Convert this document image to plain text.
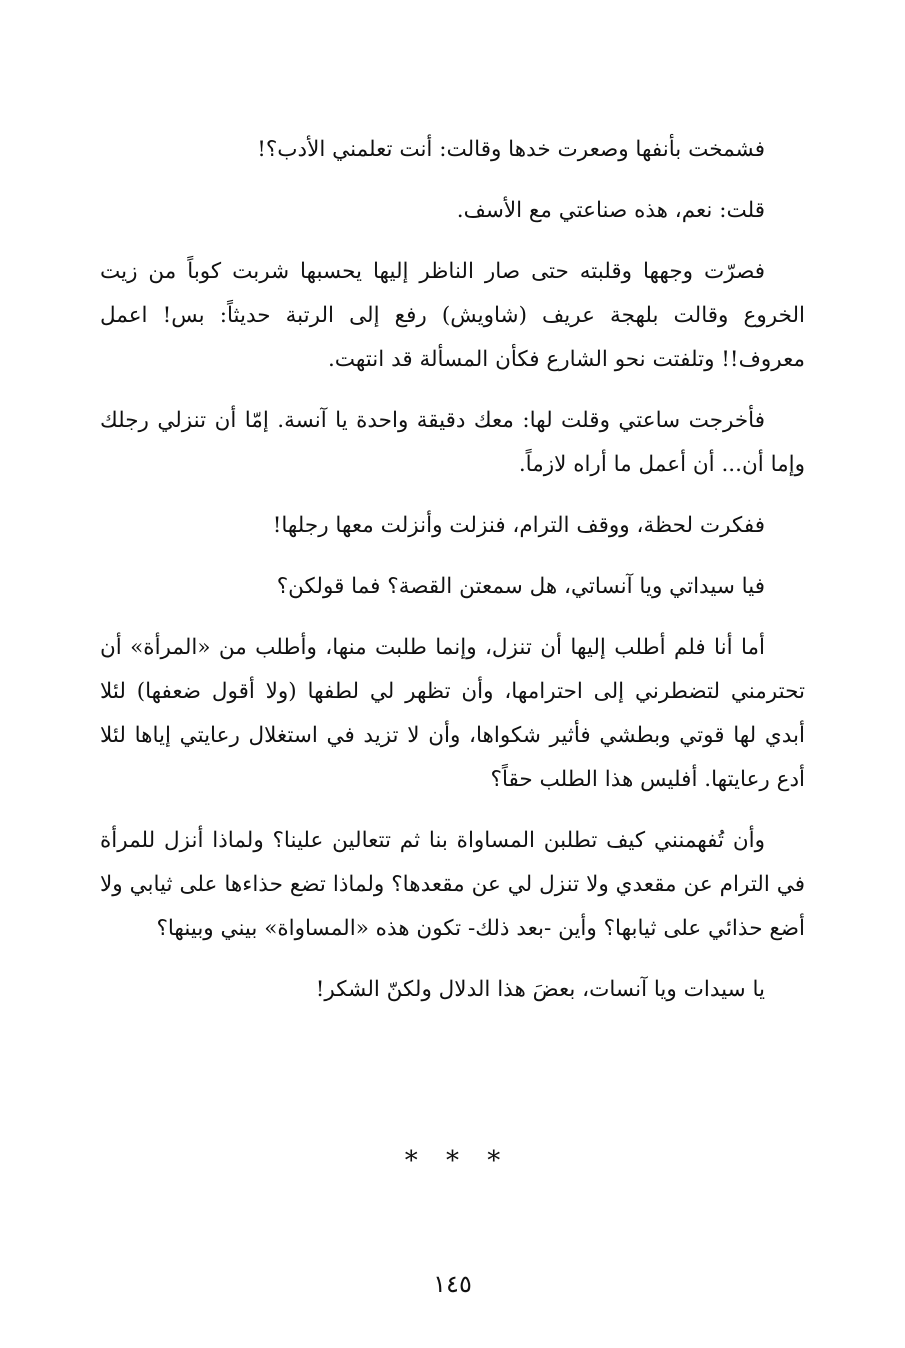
فشمخت بأنفها وصعرت خدها وقالت: أنت تعلمني الأدب؟!

قلت: نعم، هذه صناعتي مع الأسف.

فصرّت وجهها وقلبته حتى صار الناظر إليها يحسبها شربت كوباً من زيت الخروع وقالت بلهجة عريف (شاويش) رفع إلى الرتبة حديثاً: بس! اعمل معروف!! وتلفتت نحو الشارع فكأن المسألة قد انتهت.

فأخرجت ساعتي وقلت لها: معك دقيقة واحدة يا آنسة. إمّا أن تنزلي رجلك وإما أن... أن أعمل ما أراه لازماً.

ففكرت لحظة، ووقف الترام، فنزلت وأنزلت معها رجلها!

فيا سيداتي ويا آنساتي، هل سمعتن القصة؟ فما قولكن؟

أما أنا فلم أطلب إليها أن تنزل، وإنما طلبت منها، وأطلب من «المرأة» أن تحترمني لتضطرني إلى احترامها، وأن تظهر لي لطفها (ولا أقول ضعفها) لئلا أبدي لها قوتي وبطشي فأثير شكواها، وأن لا تزيد في استغلال رعايتي إياها لئلا أدع رعايتها. أفليس هذا الطلب حقاً؟

وأن تُفهمنني كيف تطلبن المساواة بنا ثم تتعالين علينا؟ ولماذا أنزل للمرأة في الترام عن مقعدي ولا تنزل لي عن مقعدها؟ ولماذا تضع حذاءها على ثيابي ولا أضع حذائي على ثيابها؟ وأين -بعد ذلك- تكون هذه «المساواة» بيني وبينها؟

يا سيدات ويا آنسات، بعضَ هذا الدلال ولكنّ الشكر!

* * *
١٤٥
